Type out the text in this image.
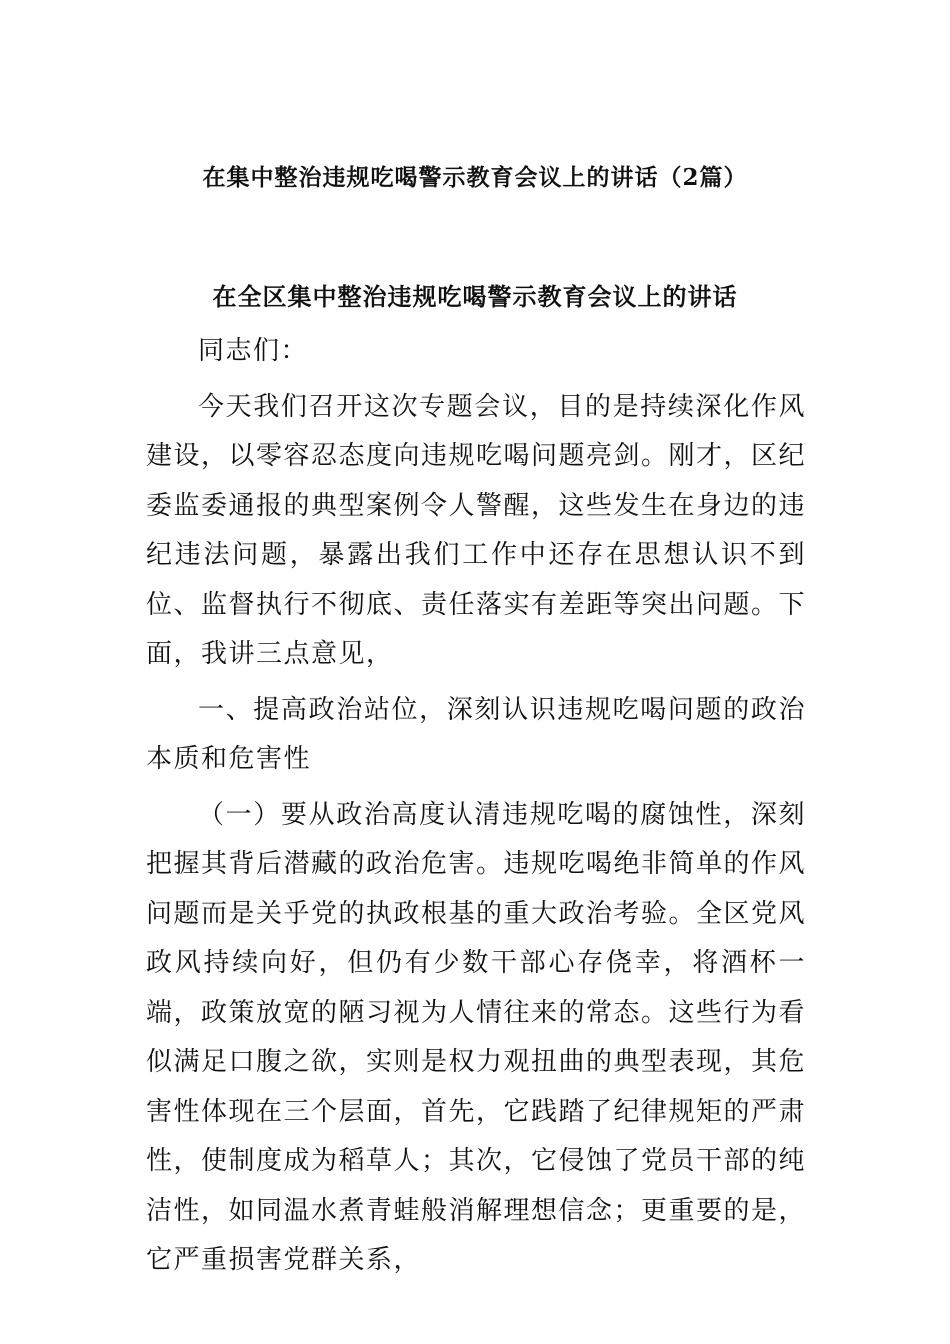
在集中整治违规吃喝警示教育会议上的讲话（2篇）
在全区集中整治违规吃喝警示教育会议上的讲话

同志们：

今天我们召开这次专题会议，目的是持续深化作风建设，以零容忍态度向违规吃喝问题亮剑。刚才，区纪委监委通报的典型案例令人警醒，这些发生在身边的违纪违法问题，暴露出我们工作中还存在思想认识不到位、监督执行不彻底、责任落实有差距等突出问题。下面，我讲三点意见，

一、提高政治站位，深刻认识违规吃喝问题的政治本质和危害性

（一）要从政治高度认清违规吃喝的腐蚀性，深刻把握其背后潜藏的政治危害。违规吃喝绝非简单的作风问题而是关乎党的执政根基的重大政治考验。全区党风政风持续向好，但仍有少数干部心存侥幸，将酒杯一端，政策放宽的陋习视为人情往来的常态。这些行为看似满足口腹之欲，实则是权力观扭曲的典型表现，其危害性体现在三个层面，首先，它践踏了纪律规矩的严肃性，使制度成为稻草人；其次，它侵蚀了党员干部的纯洁性，如同温水煮青蛙般消解理想信念；更重要的是，它严重损害党群关系，
